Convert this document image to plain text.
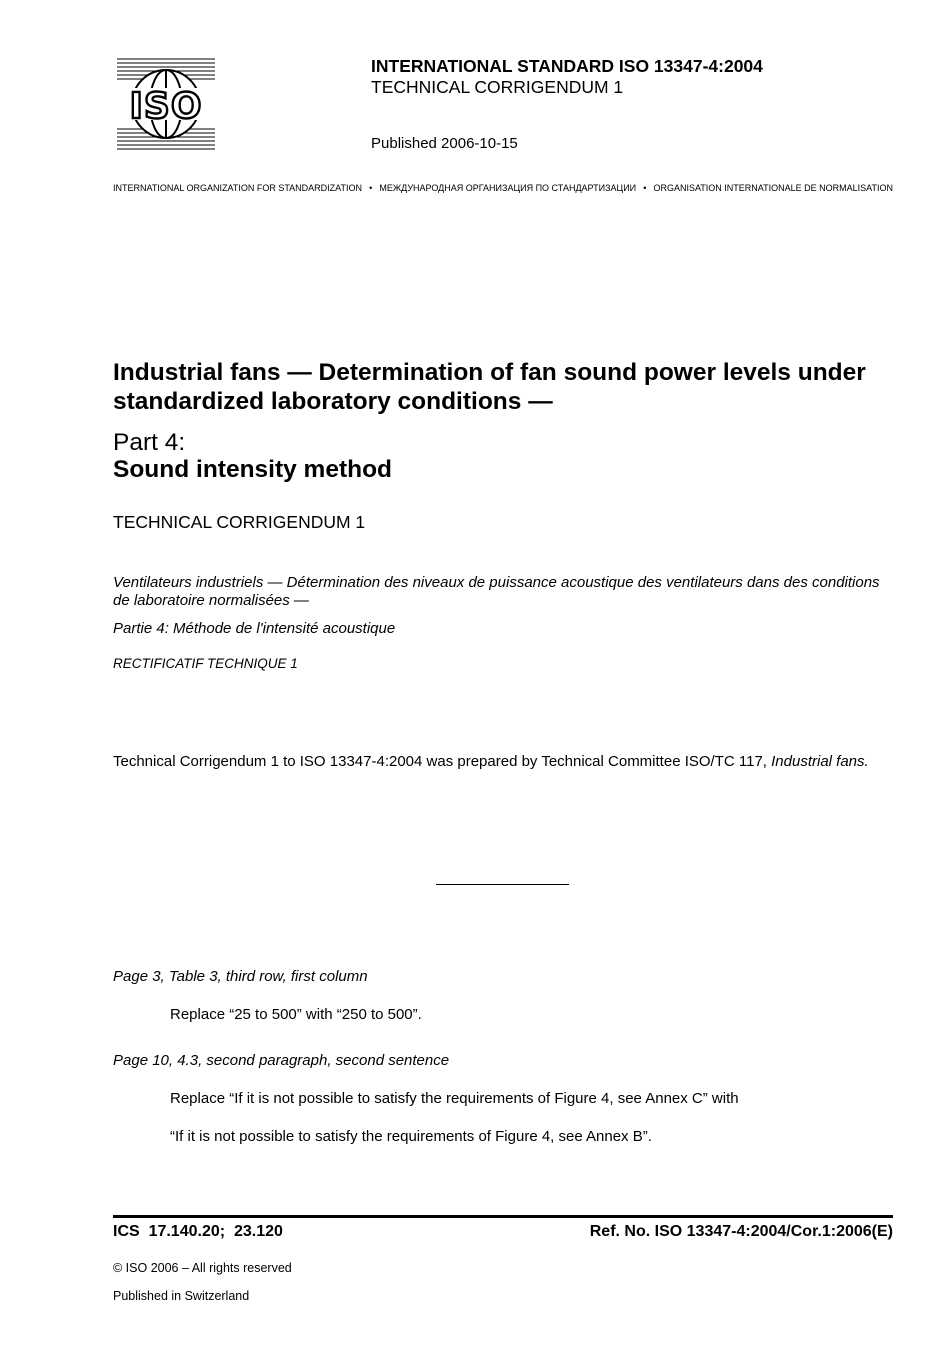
ISO
INTERNATIONAL STANDARD ISO 13347-4:2004
TECHNICAL CORRIGENDUM 1
Published 2006-10-15
INTERNATIONAL ORGANIZATION FOR STANDARDIZATION • МЕЖДУНАРОДНАЯ ОРГАНИЗАЦИЯ ПО СТАНДАРТИЗАЦИИ • ORGANISATION INTERNATIONALE DE NORMALISATION
Industrial fans — Determination of fan sound power levels under standardized laboratory conditions —
Part 4:
Sound intensity method
TECHNICAL CORRIGENDUM 1
Ventilateurs industriels — Détermination des niveaux de puissance acoustique des ventilateurs dans des conditions de laboratoire normalisées —
Partie 4: Méthode de l'intensité acoustique
RECTIFICATIF TECHNIQUE 1
Technical Corrigendum 1 to ISO 13347-4:2004 was prepared by Technical Committee ISO/TC 117, Industrial fans.
Page 3, Table 3, third row, first column
Replace “25 to 500” with “250 to 500”.
Page 10, 4.3, second paragraph, second sentence
Replace “If it is not possible to satisfy the requirements of Figure 4, see Annex C” with
“If it is not possible to satisfy the requirements of Figure 4, see Annex B”.
ICS  17.140.20;  23.120	Ref. No. ISO 13347-4:2004/Cor.1:2006(E)
© ISO 2006 – All rights reserved
Published in Switzerland
